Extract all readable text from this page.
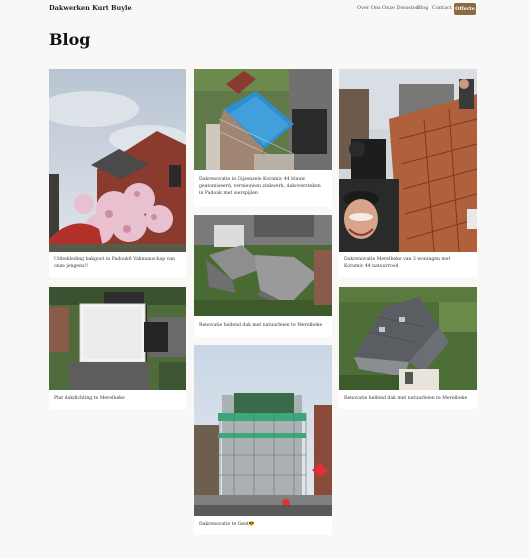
Dakwerken Kurt Buyle	Over Ons Onze Diensten
Blog Contact Offerte
Blog
Uitbekleding bakgoot in Padouk8 Vakmanschap van onze jongens!!
Plat dakdichting te Merelbeke
Dakrenovatie in Gijzenzele Koramic 44 blauw geatomiseerd, vernieuwen zinkwerk, dakoversteken in Padouk met sierspijlen
Renovatie hellend dak met natuurleien te Merelbeke
Dakrenovatie te Gent😎
Dakrenovatie Merelbeke van 3 woningen met Koramic 44 natuurrood
Renovatie hellend dak met natuurleien te Merelbeke
